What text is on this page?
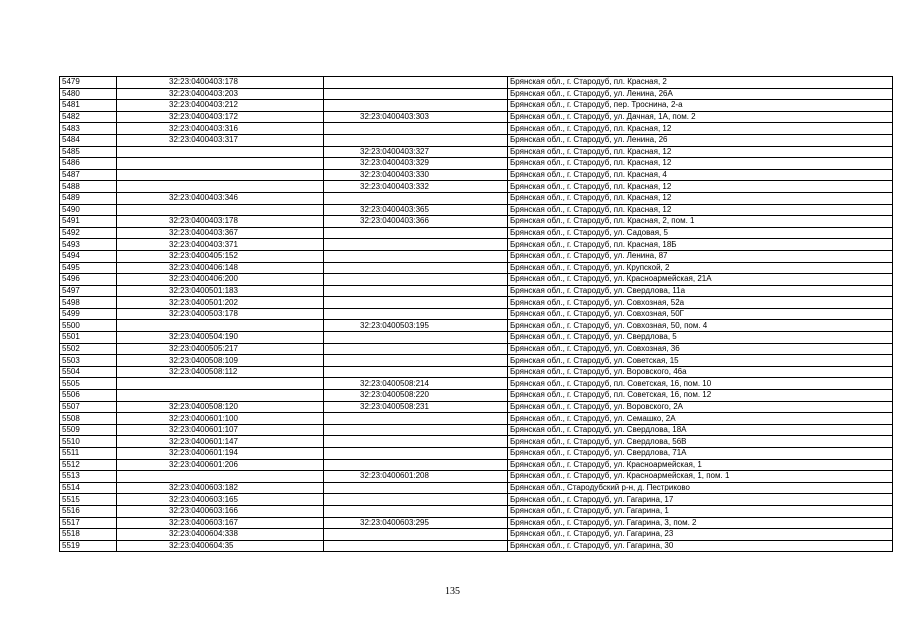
5479	32:23:0400403:178		Брянская обл., г. Стародуб, пл. Красная, 2
5480	32:23:0400403:203		Брянская обл., г. Стародуб, ул. Ленина, 26А
5481	32:23:0400403:212		Брянская обл., г. Стародуб, пер. Троснина, 2-а
5482	32:23:0400403:172	32:23:0400403:303	Брянская обл., г. Стародуб, ул. Дачная, 1А, пом. 2
5483	32:23:0400403:316		Брянская обл., г. Стародуб, пл. Красная, 12
5484	32:23:0400403:317		Брянская обл., г. Стародуб, ул. Ленина, 26
5485		32:23:0400403:327	Брянская обл., г. Стародуб, пл. Красная, 12
5486		32:23:0400403:329	Брянская обл., г. Стародуб, пл. Красная, 12
5487		32:23:0400403:330	Брянская обл., г. Стародуб, пл. Красная, 4
5488		32:23:0400403:332	Брянская обл., г. Стародуб, пл. Красная, 12
5489	32:23:0400403:346		Брянская обл., г. Стародуб, пл. Красная, 12
5490		32:23:0400403:365	Брянская обл., г. Стародуб, пл. Красная, 12
5491	32:23:0400403:178	32:23:0400403:366	Брянская обл., г. Стародуб, пл. Красная, 2, пом. 1
5492	32:23:0400403:367		Брянская обл., г. Стародуб, ул. Садовая, 5
5493	32:23:0400403:371		Брянская обл., г. Стародуб, пл. Красная, 18Б
5494	32:23:0400405:152		Брянская обл., г. Стародуб, ул. Ленина, 87
5495	32:23:0400406:148		Брянская обл., г. Стародуб, ул. Крупской, 2
5496	32:23:0400406:200		Брянская обл., г. Стародуб, ул. Красноармейская, 21А
5497	32:23:0400501:183		Брянская обл., г. Стародуб, ул. Свердлова, 11а
5498	32:23:0400501:202		Брянская обл., г. Стародуб, ул. Совхозная, 52а
5499	32:23:0400503:178		Брянская обл., г. Стародуб, ул. Совхозная, 50Г
5500		32:23:0400503:195	Брянская обл., г. Стародуб, ул. Совхозная, 50, пом. 4
5501	32:23:0400504:190		Брянская обл., г. Стародуб, ул. Свердлова, 5
5502	32:23:0400505:217		Брянская обл., г. Стародуб, ул. Совхозная, 36
5503	32:23:0400508:109		Брянская обл., г. Стародуб, ул. Советская, 15
5504	32:23:0400508:112		Брянская обл., г. Стародуб, ул. Воровского, 46а
5505		32:23:0400508:214	Брянская обл., г. Стародуб, пл. Советская, 16, пом. 10
5506		32:23:0400508:220	Брянская обл., г. Стародуб, пл. Советская, 16, пом. 12
5507	32:23:0400508:120	32:23:0400508:231	Брянская обл., г. Стародуб, ул. Воровского, 2А
5508	32:23:0400601:100		Брянская обл., г. Стародуб, ул. Семашко, 2А
5509	32:23:0400601:107		Брянская обл., г. Стародуб, ул. Свердлова, 18А
5510	32:23:0400601:147		Брянская обл., г. Стародуб, ул. Свердлова, 56В
5511	32:23:0400601:194		Брянская обл., г. Стародуб, ул. Свердлова, 71А
5512	32:23:0400601:206		Брянская обл., г. Стародуб, ул. Красноармейская, 1
5513		32:23:0400601:208	Брянская обл., г. Стародуб, ул. Красноармейская, 1, пом. 1
5514	32:23:0400603:182		Брянская обл., Стародубский р-н, д. Пестриково
5515	32:23:0400603:165		Брянская обл., г. Стародуб, ул. Гагарина, 17
5516	32:23:0400603:166		Брянская обл., г. Стародуб, ул. Гагарина, 1
5517	32:23:0400603:167	32:23:0400603:295	Брянская обл., г. Стародуб, ул. Гагарина, 3, пом. 2
5518	32:23:0400604:338		Брянская обл., г. Стародуб, ул. Гагарина, 23
5519	32:23:0400604:35		Брянская обл., г. Стародуб, ул. Гагарина, 30
135
